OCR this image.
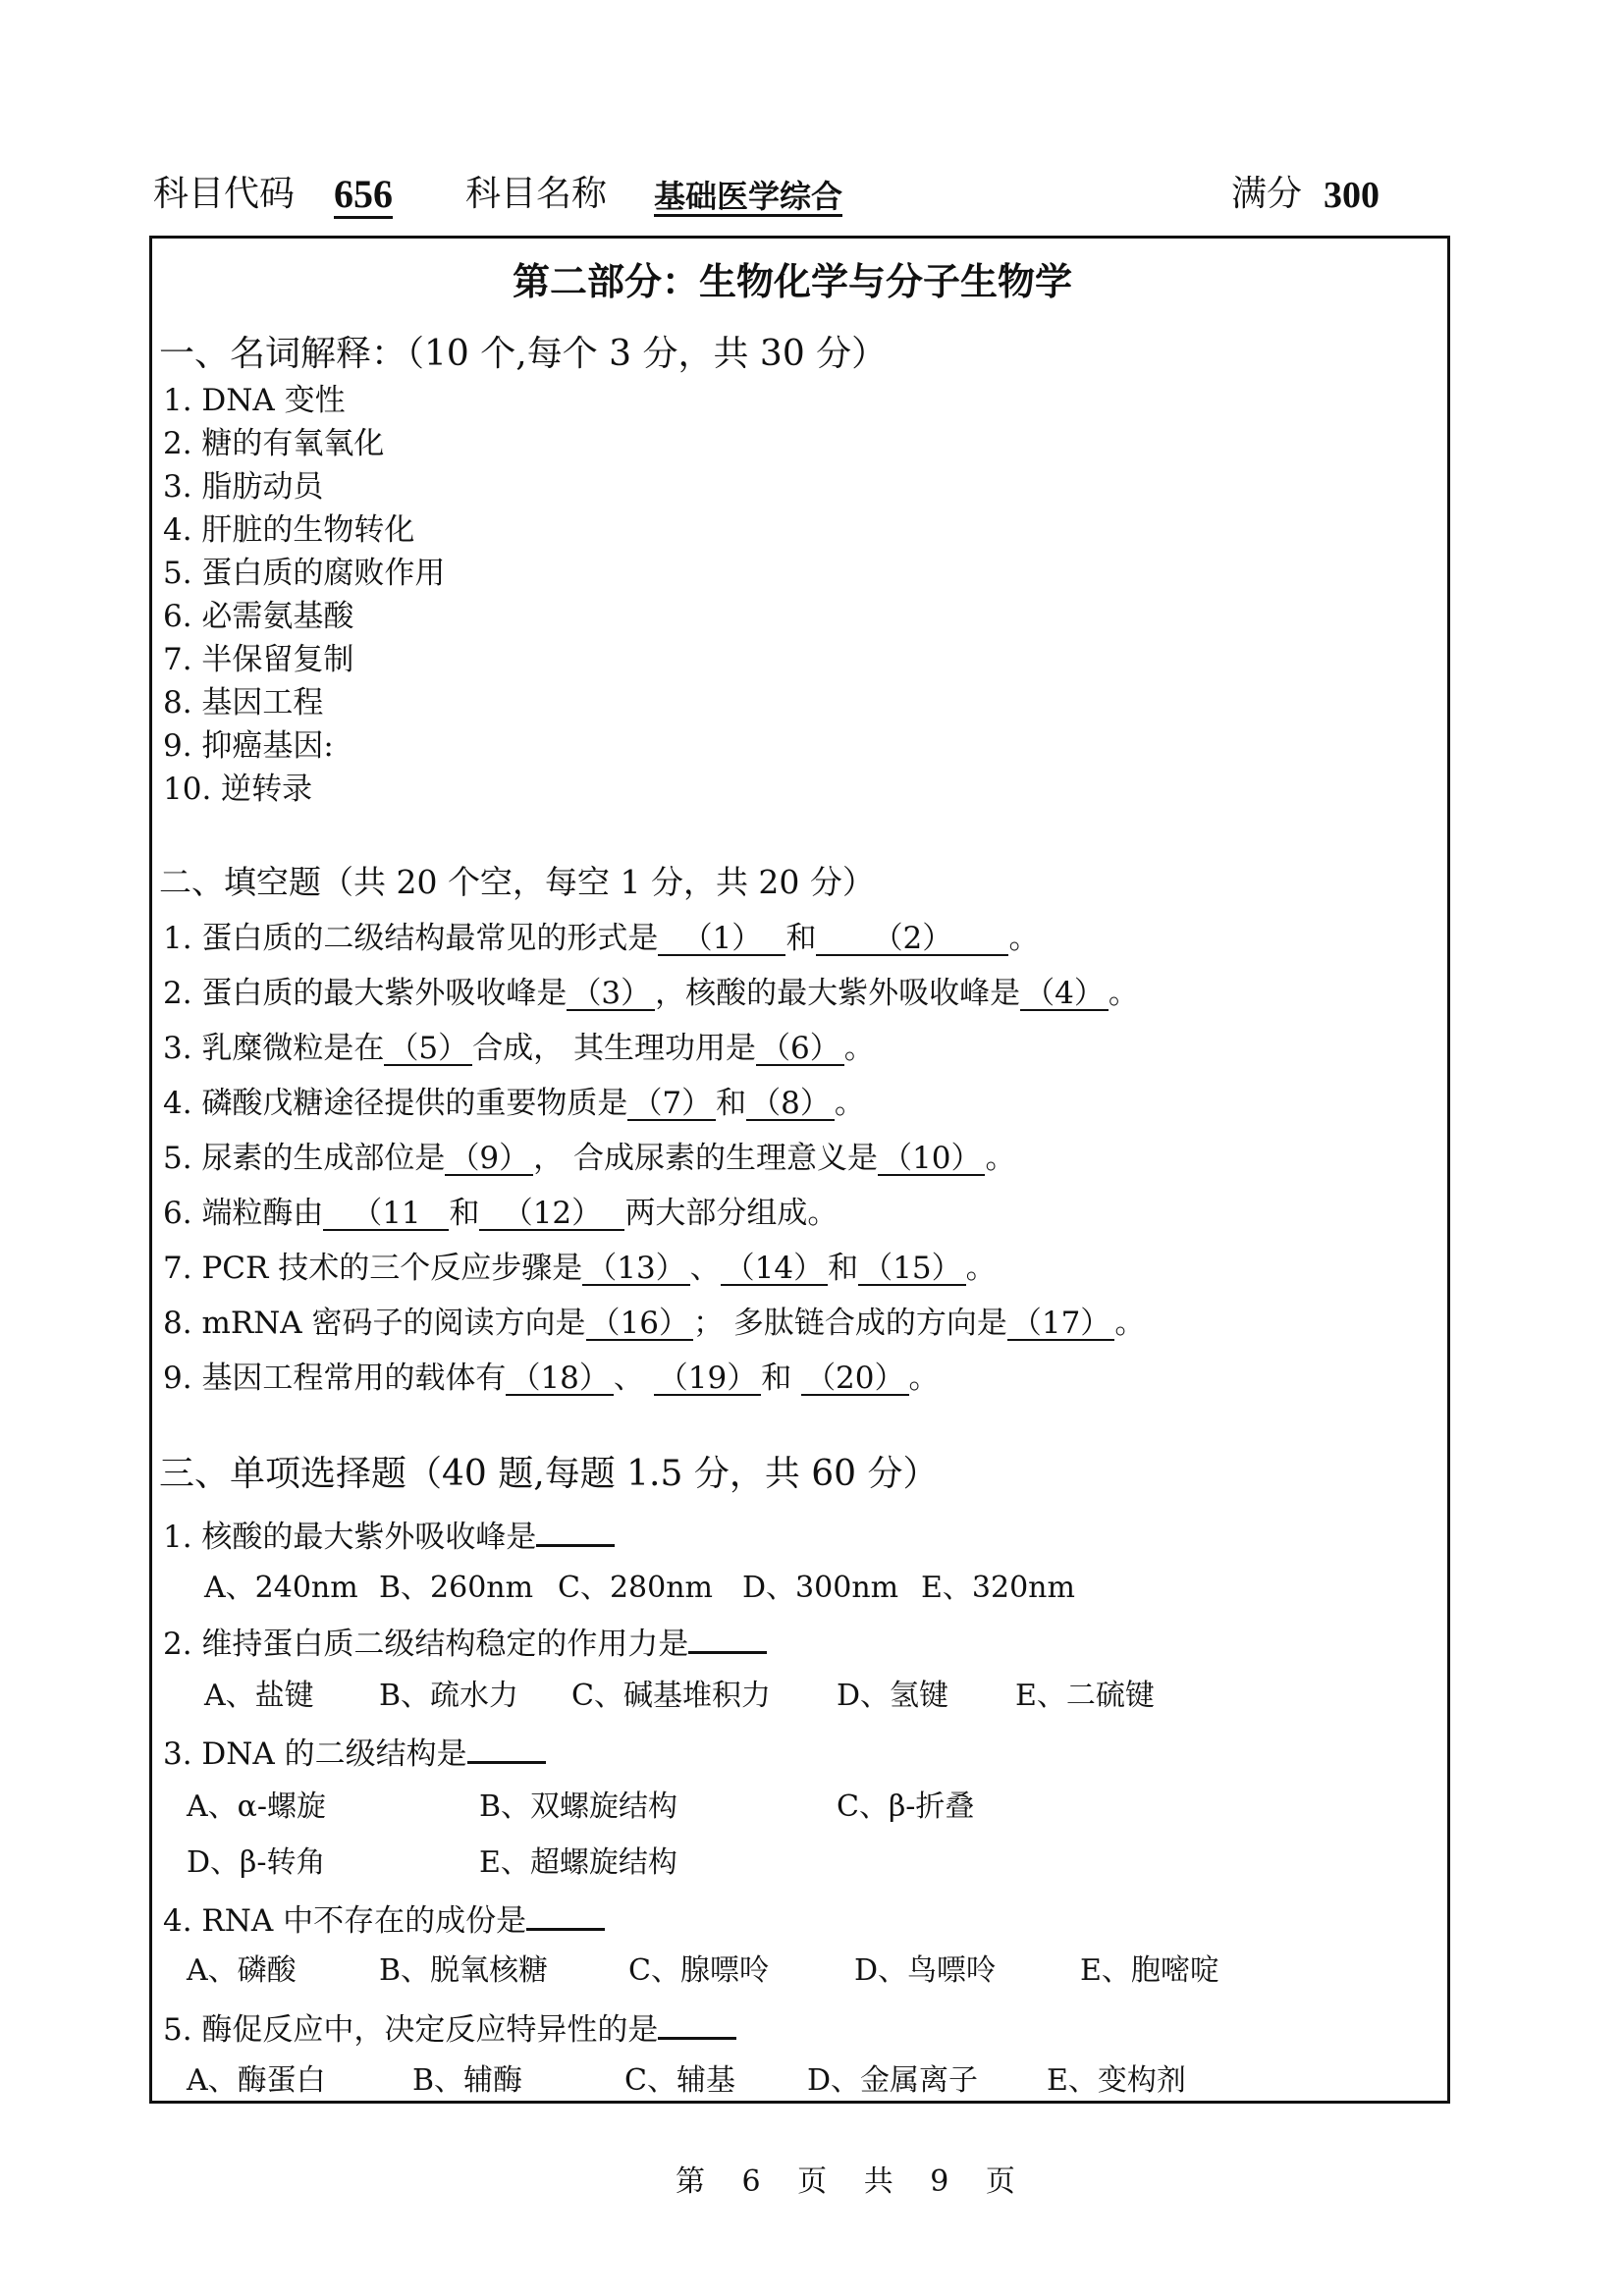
科目代码 656 科目名称 基础医学综合	满分 300
第二部分：生物化学与分子生物学
一、名词解释：（10 个,每个 3 分，共 30 分）
1. DNA 变性
2. 糖的有氧氧化
3. 脂肪动员
4. 肝脏的生物转化
5. 蛋白质的腐败作用
6. 必需氨基酸
7. 半保留复制
8. 基因工程
9. 抑癌基因:
10. 逆转录
二、填空题（共 20 个空，每空 1 分，共 20 分）
1. 蛋白质的二级结构最常见的形式是 （1） 和 （2） 。
2. 蛋白质的最大紫外吸收峰是 （3） ，核酸的最大紫外吸收峰是 （4） 。
3. 乳糜微粒是在 （5） 合成， 其生理功用是 （6） 。
4. 磷酸戊糖途径提供的重要物质是 （7） 和 （8） 。
5. 尿素的生成部位是 （9） ， 合成尿素的生理意义是 （10） 。
6. 端粒酶由 （11 和 （12） 两大部分组成。
7. PCR 技术的三个反应步骤是 （13） 、 （14） 和 （15） 。
8. mRNA 密码子的阅读方向是 （16） ； 多肽链合成的方向是 （17） 。
9. 基因工程常用的载体有 （18） 、 （19） 和 （20） 。
三、单项选择题（40 题,每题 1.5 分，共 60 分）
1. 核酸的最大紫外吸收峰是
A、240nm B、260nm C、280nm D、300nm E、320nm
2. 维持蛋白质二级结构稳定的作用力是
A、盐键 B、疏水力 C、碱基堆积力 D、氢键 E、二硫键
3. DNA 的二级结构是
A、α-螺旋	B、双螺旋结构	C、β-折叠
D、β-转角	E、超螺旋结构
4. RNA 中不存在的成份是
A、磷酸	B、脱氧核糖	C、腺嘌呤	D、鸟嘌呤	E、胞嘧啶
5. 酶促反应中，决定反应特异性的是
A、酶蛋白	B、辅酶	C、辅基 D、金属离子 E、变构剂
第 6 页 共 9 页
